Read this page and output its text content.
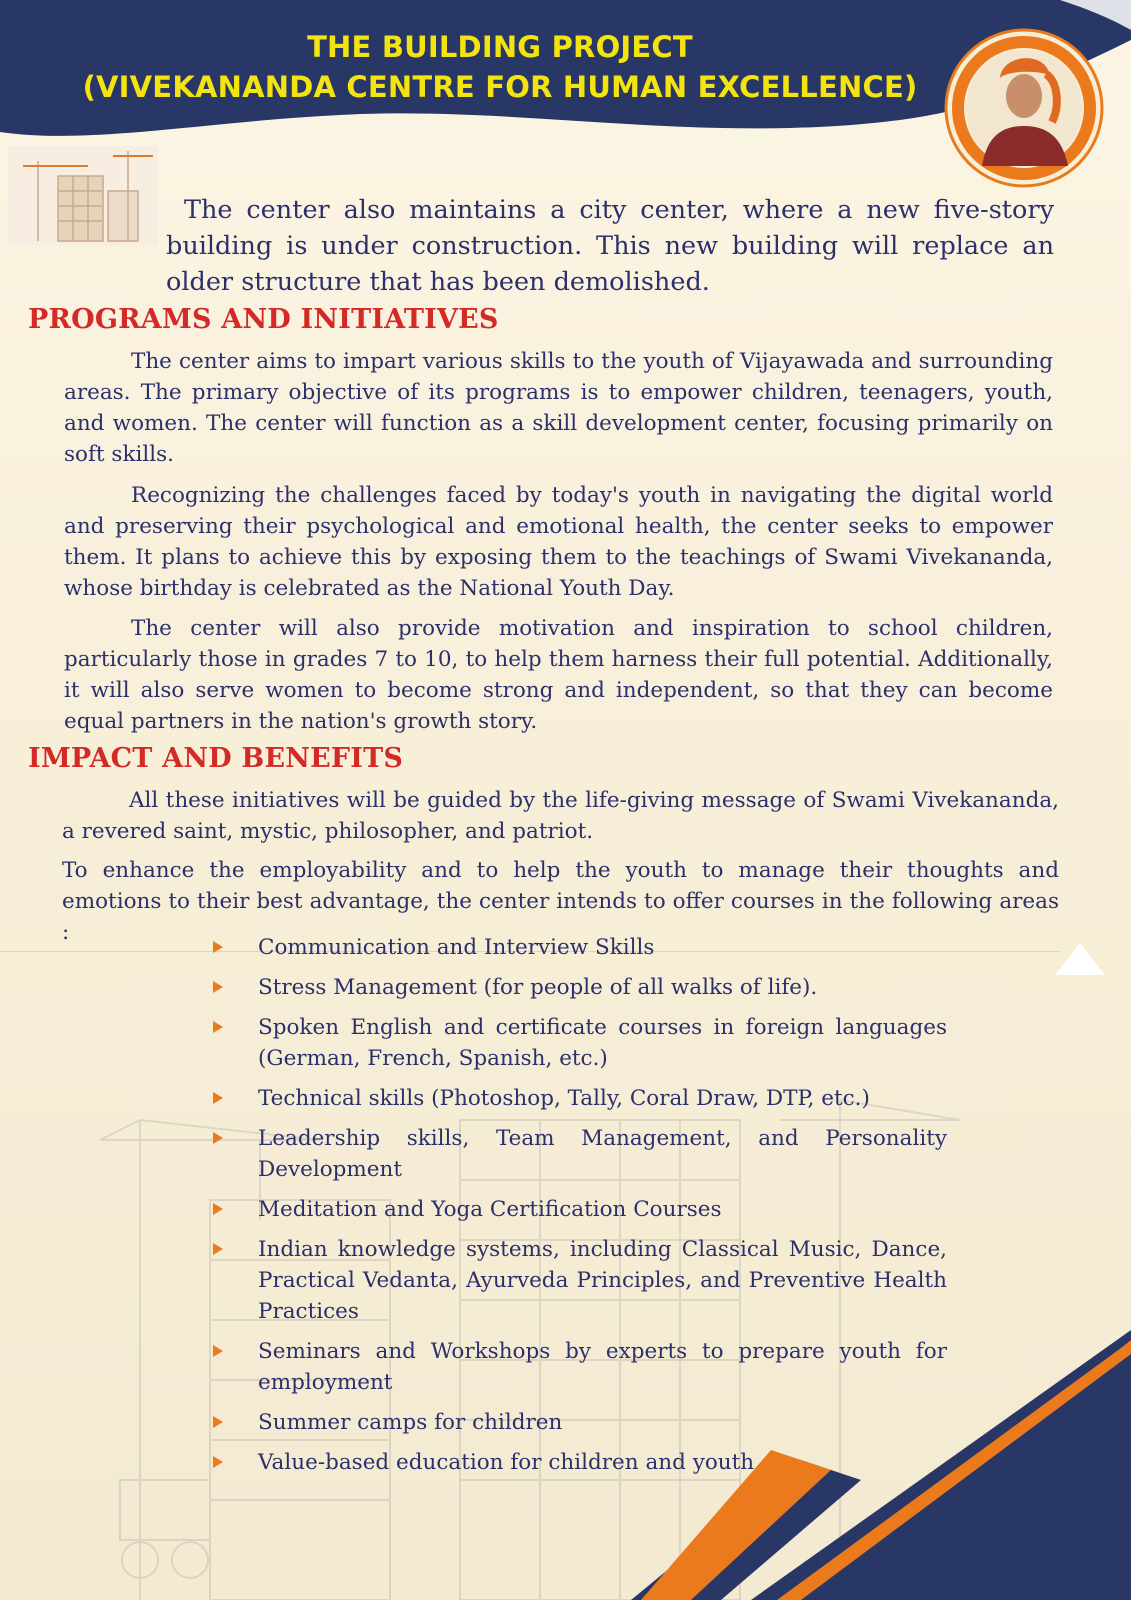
THE BUILDING PROJECT
(VIVEKANANDA CENTRE FOR HUMAN EXCELLENCE)

The center also maintains a city center, where a new five-story building is under construction. This new building will replace an older structure that has been demolished.

PROGRAMS AND INITIATIVES

The center aims to impart various skills to the youth of Vijayawada and surrounding areas. The primary objective of its programs is to empower children, teenagers, youth, and women. The center will function as a skill development center, focusing primarily on soft skills.

Recognizing the challenges faced by today's youth in navigating the digital world and preserving their psychological and emotional health, the center seeks to empower them. It plans to achieve this by exposing them to the teachings of Swami Vivekananda, whose birthday is celebrated as the National Youth Day.

The center will also provide motivation and inspiration to school children, particularly those in grades 7 to 10, to help them harness their full potential. Additionally, it will also serve women to become strong and independent, so that they can become equal partners in the nation's growth story.

IMPACT AND BENEFITS

All these initiatives will be guided by the life-giving message of Swami Vivekananda, a revered saint, mystic, philosopher, and patriot.

To enhance the employability and to help the youth to manage their thoughts and emotions to their best advantage, the center intends to offer courses in the following areas :

Communication and Interview Skills
Stress Management (for people of all walks of life).
Spoken English and certificate courses in foreign languages (German, French, Spanish, etc.)
Technical skills (Photoshop, Tally, Coral Draw, DTP, etc.)
Leadership skills, Team Management, and Personality Development
Meditation and Yoga Certification Courses
Indian knowledge systems, including Classical Music, Dance, Practical Vedanta, Ayurveda Principles, and Preventive Health Practices
Seminars and Workshops by experts to prepare youth for employment
Summer camps for children
Value-based education for children and youth
